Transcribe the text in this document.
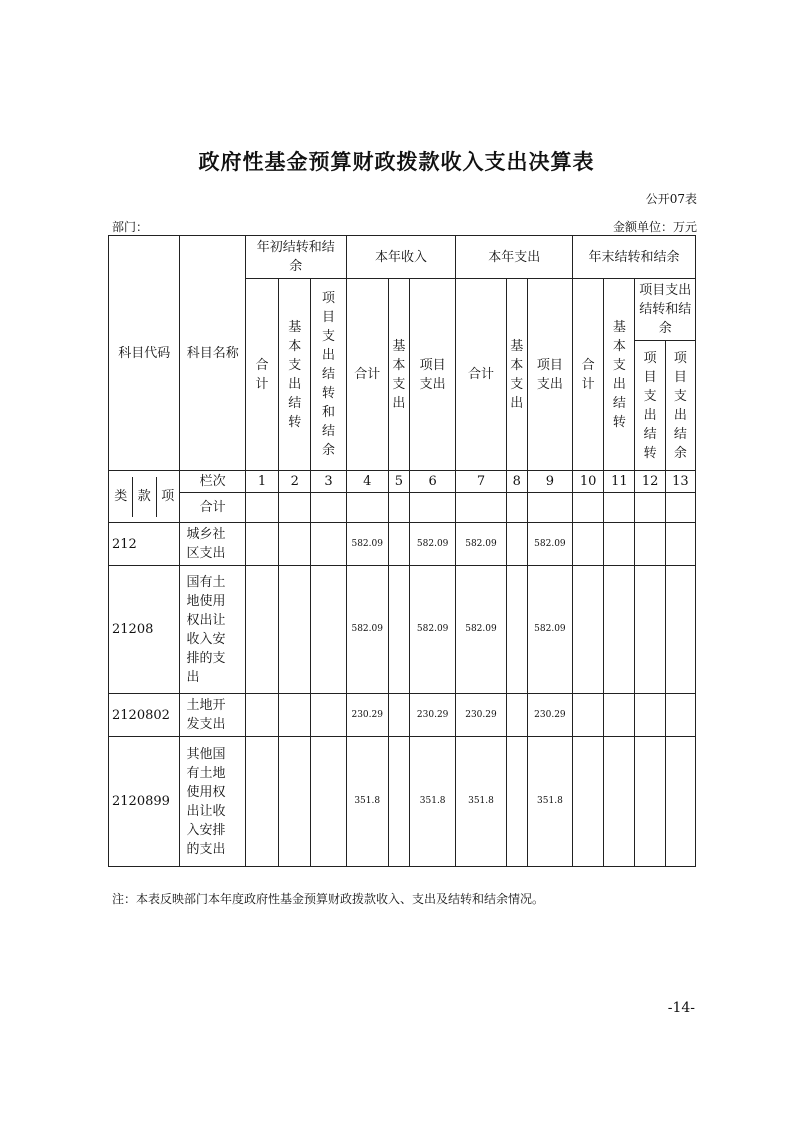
政府性基金预算财政拨款收入支出决算表
公开07表
部门：	金额单位：万元
科目代码	科目名称	年初结转和结余			本年收入			本年支出			年末结转和结余			
		合计	基本支出结转	项目支出结转和结余	合计	基本支出	项目支出	合计	基本支出	项目支出	合计	基本支出结转	项目支出结转和结余	
													项目支出结转	项目支出结余
类 款 项	栏次	1	2	3	4	5	6	7	8	9	10	11	12	13
	合计													
212	城乡社区支出				582.09		582.09	582.09		582.09				
21208	国有土地使用权出让收入安排的支出				582.09		582.09	582.09		582.09				
2120802	土地开发支出				230.29		230.29	230.29		230.29				
2120899	其他国有土地使用权出让收入安排的支出				351.8		351.8	351.8		351.8				
注：本表反映部门本年度政府性基金预算财政拨款收入、支出及结转和结余情况。
-14-
